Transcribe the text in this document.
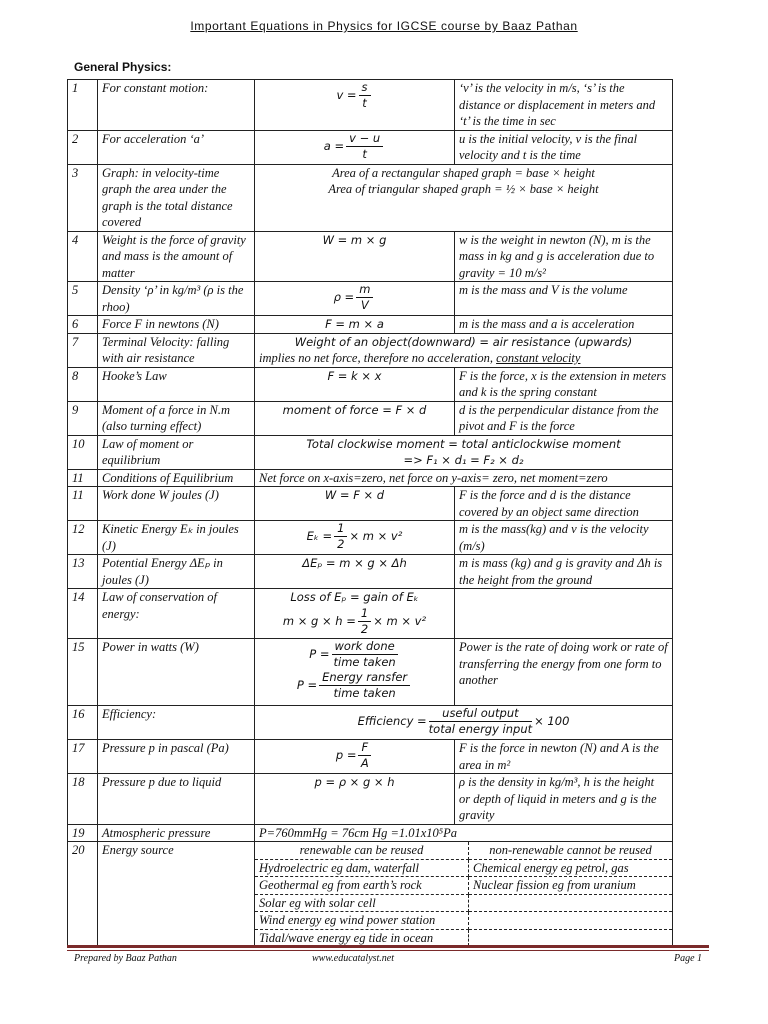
Important Equations in Physics for IGCSE course by Baaz Pathan
General Physics:
1	For constant motion:	$v = \frac{s}{t}$	‘v’ is the velocity in m/s, ‘s’ is the distance or displacement in meters and ‘t’ is the time in sec
2	For acceleration ‘a’	$a = \frac{v - u}{t}$	u is the initial velocity, v is the final velocity and t is the time
3	Graph: in velocity-time graph the area under the graph is the total distance covered	
Area of a rectangular shaped graph = base × height
Area of triangular shaped graph = ½ × base × height

4	Weight is the force of gravity and mass is the amount of matter	W = m × g	w is the weight in newton (N), m is the mass in kg and g is acceleration due to gravity = 10 m/s²
5	Density ‘ρ’ in kg/m³ (ρ is the rhoo)	$\rho = \frac{m}{V}$	m is the mass and V is the volume
6	Force F in newtons (N)	F = m × a	m is the mass and a is acceleration
7	Terminal Velocity: falling with air resistance	
Weight of an object(downward) = air resistance (upwards)
implies no net force, therefore no acceleration, constant velocity

8	Hooke’s Law	F = k × x	F is the force, x is the extension in meters and k is the spring constant
9	Moment of a force in N.m (also turning effect)	moment of force = F × d	d is the perpendicular distance from the pivot and F is the force
10	Law of moment or equilibrium	
Total clockwise moment = total anticlockwise moment
=> F₁ × d₁ = F₂ × d₂

11	Conditions of Equilibrium	Net force on x-axis=zero, net force on y-axis= zero, net moment=zero
11	Work done W joules (J)	W = F × d	F is the force and d is the distance covered by an object same direction
12	Kinetic Energy Eₖ in joules (J)	$E_k = \frac{1}{2} \times m \times v^2$	m is the mass(kg) and v is the velocity (m/s)
13	Potential Energy ΔEₚ in joules (J)	ΔEₚ = m × g × Δh	m is mass (kg) and g is gravity and Δh is the height from the ground
14	Law of conservation of energy:	
Loss of Eₚ = gain of Eₖ
$m \times g \times h = \frac{1}{2} \times m \times v^2$

15	Power in watts (W)	$P = \frac{\text{work done}}{\text{time taken}}$
$P = \frac{\text{Energy ransfer}}{\text{time taken}}$
	Power is the rate of doing work or rate of transferring the energy from one form to another
16	Efficiency:	Efficiency = $\frac{\text{useful output}}{\text{total energy input}} \times 100$
17	Pressure p in pascal (Pa)	$p = \frac{F}{A}$	F is the force in newton (N) and A is the area in m²
18	Pressure p due to liquid	p = ρ × g × h	ρ is the density in kg/m³, h is the height or depth of liquid in meters and g is the gravity
19	Atmospheric pressure	P=760mmHg = 76cm Hg =1.01x10⁵Pa
20	Energy source		renewable can be reused	non-renewable cannot be reused
Hydroelectric eg dam, waterfall	Chemical energy eg petrol, gas
Geothermal eg from earth’s rock	Nuclear fission eg from uranium
Solar eg with solar cell	
Wind energy eg wind power station	
Tidal/wave energy eg tide in ocean	
Prepared by Baaz Pathan	www.educatalyst.net	Page 1
